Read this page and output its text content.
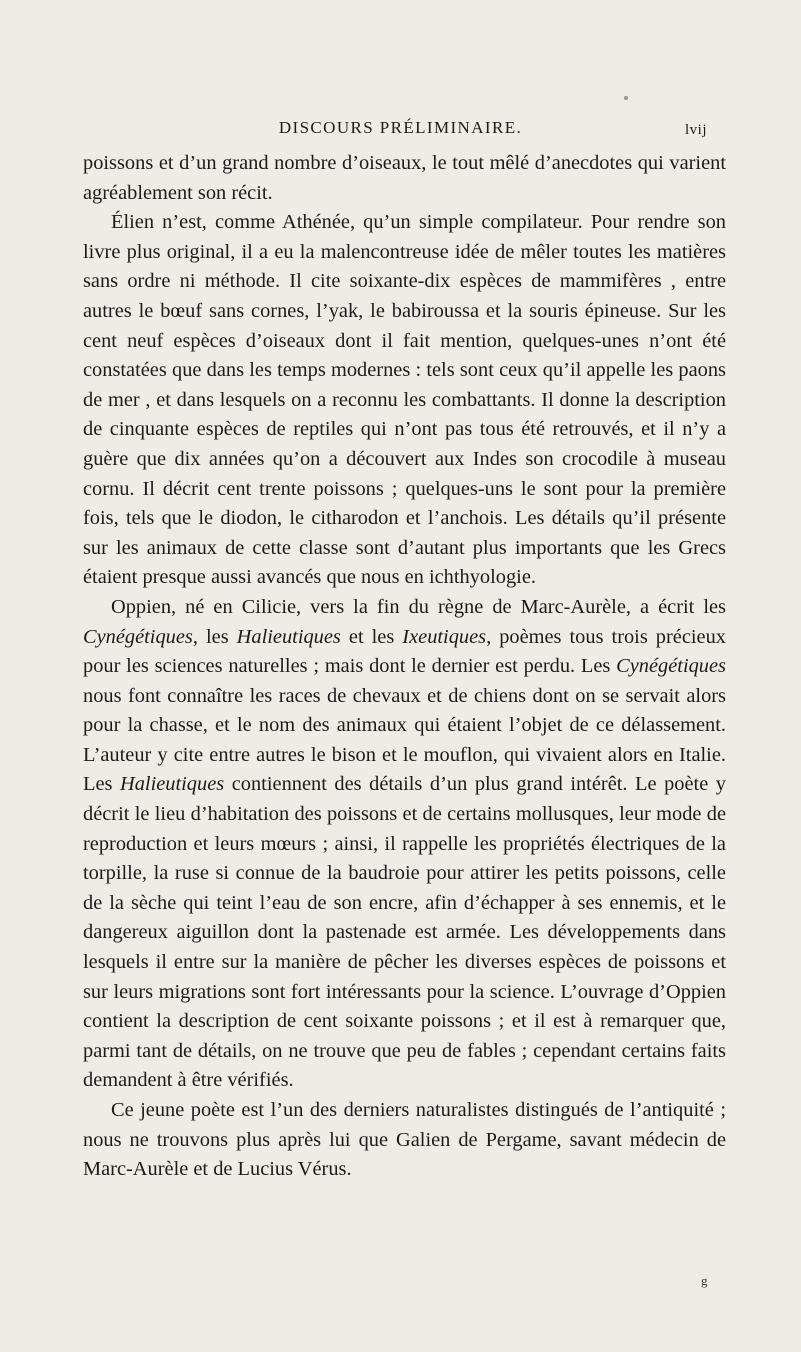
DISCOURS PRÉLIMINAIRE.	lvij

poissons et d’un grand nombre d’oiseaux, le tout mêlé d’anecdotes qui varient agréablement son récit.

Élien n’est, comme Athénée, qu’un simple compilateur. Pour rendre son livre plus original, il a eu la malencontreuse idée de mêler toutes les matières sans ordre ni méthode. Il cite soixante-dix espèces de mammifères , entre autres le bœuf sans cornes, l’yak, le babiroussa et la souris épineuse. Sur les cent neuf espèces d’oiseaux dont il fait mention, quelques-unes n’ont été constatées que dans les temps modernes : tels sont ceux qu’il appelle les paons de mer , et dans lesquels on a reconnu les combattants. Il donne la description de cinquante espèces de reptiles qui n’ont pas tous été retrouvés, et il n’y a guère que dix années qu’on a découvert aux Indes son crocodile à museau cornu. Il décrit cent trente poissons ; quelques-uns le sont pour la première fois, tels que le diodon, le citharodon et l’anchois. Les détails qu’il présente sur les animaux de cette classe sont d’autant plus importants que les Grecs étaient presque aussi avancés que nous en ichthyologie.

Oppien, né en Cilicie, vers la fin du règne de Marc-Aurèle, a écrit les Cynégétiques, les Halieutiques et les Ixeutiques, poèmes tous trois précieux pour les sciences naturelles ; mais dont le dernier est perdu. Les Cynégétiques nous font connaître les races de chevaux et de chiens dont on se servait alors pour la chasse, et le nom des animaux qui étaient l’objet de ce délassement. L’auteur y cite entre autres le bison et le mouflon, qui vivaient alors en Italie. Les Halieutiques contiennent des détails d’un plus grand intérêt. Le poète y décrit le lieu d’habitation des poissons et de certains mollusques, leur mode de reproduction et leurs mœurs ; ainsi, il rappelle les propriétés électriques de la torpille, la ruse si connue de la baudroie pour attirer les petits poissons, celle de la sèche qui teint l’eau de son encre, afin d’échapper à ses ennemis, et le dangereux aiguillon dont la pastenade est armée. Les développements dans lesquels il entre sur la manière de pêcher les diverses espèces de poissons et sur leurs migrations sont fort intéressants pour la science. L’ouvrage d’Oppien contient la description de cent soixante poissons ; et il est à remarquer que, parmi tant de détails, on ne trouve que peu de fables ; cependant certains faits demandent à être vérifiés.

Ce jeune poète est l’un des derniers naturalistes distingués de l’antiquité ; nous ne trouvons plus après lui que Galien de Pergame, savant médecin de Marc-Aurèle et de Lucius Vérus.

g
